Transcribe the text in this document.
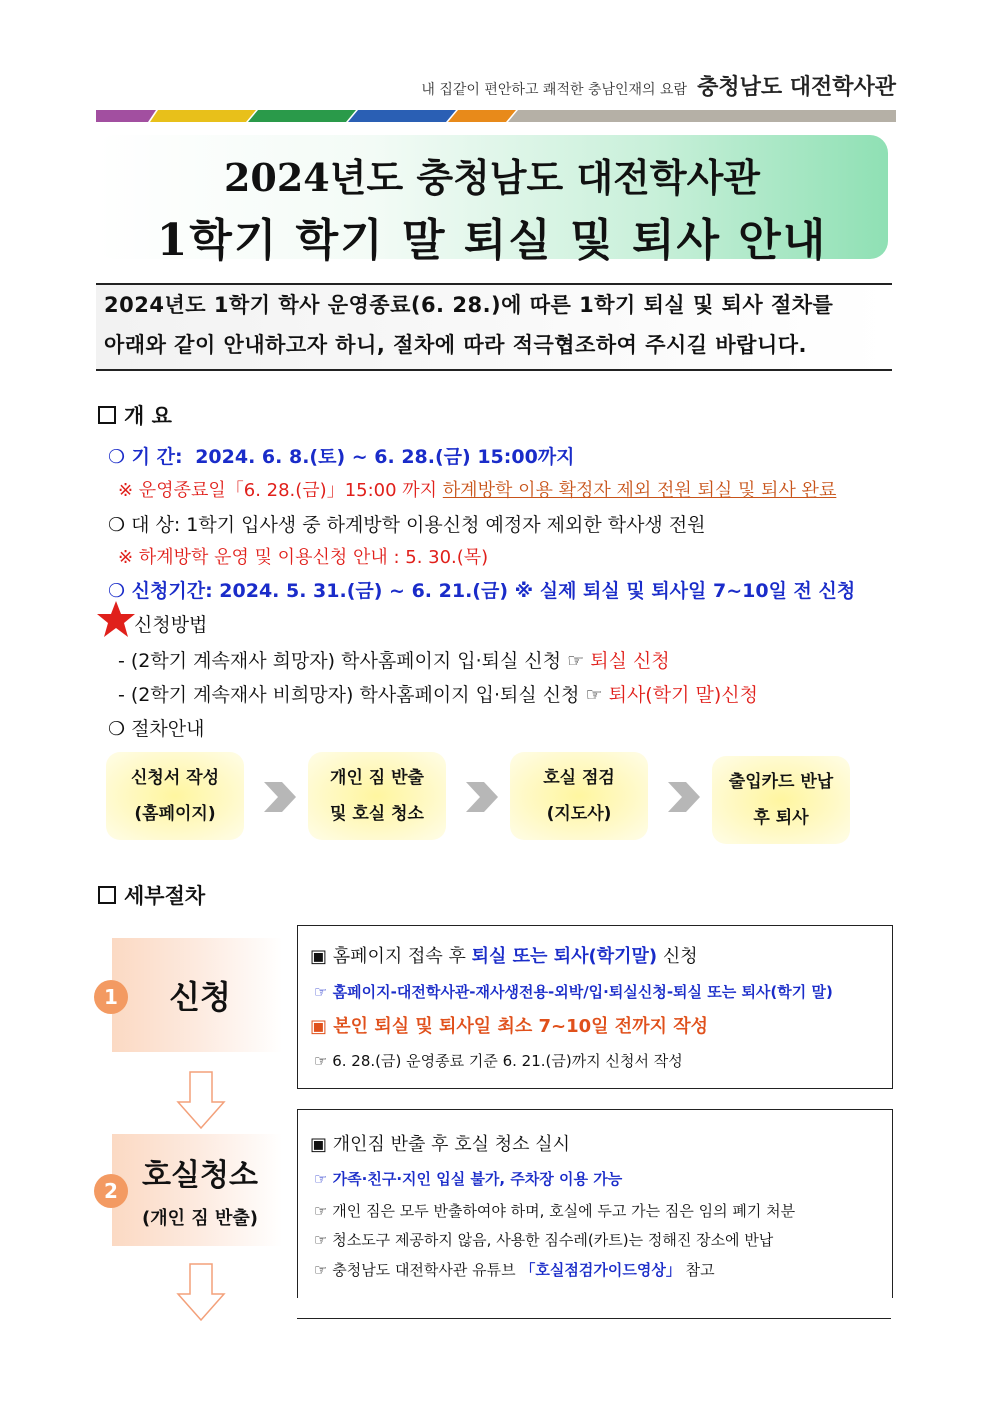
내 집같이 편안하고 쾌적한 충남인재의 요람 충청남도 대전학사관
2024년도 충청남도 대전학사관
1학기 학기 말 퇴실 및 퇴사 안내
2024년도 1학기 학사 운영종료(6. 28.)에 따른 1학기 퇴실 및 퇴사 절차를
아래와 같이 안내하고자 하니, 절차에 따라 적극협조하여 주시길 바랍니다.
개 요
❍ 기 간: 2024. 6. 8.(토) ~ 6. 28.(금) 15:00까지
※ 운영종료일「6. 28.(금)」15:00 까지 하계방학 이용 확정자 제외 전원 퇴실 및 퇴사 완료
❍ 대 상: 1학기 입사생 중 하계방학 이용신청 예정자 제외한 학사생 전원
※ 하계방학 운영 및 이용신청 안내 : 5. 30.(목)
❍ 신청기간: 2024. 5. 31.(금) ~ 6. 21.(금) ※ 실제 퇴실 및 퇴사일 7~10일 전 신청
신청방법
- (2학기 계속재사 희망자) 학사홈페이지 입·퇴실 신청 ☞ 퇴실 신청
- (2학기 계속재사 비희망자) 학사홈페이지 입·퇴실 신청 ☞ 퇴사(학기 말)신청
❍ 절차안내
신청서 작성
(홈페이지)
개인 짐 반출
및 호실 청소
호실 점검
(지도사)
출입카드 반납
후 퇴사
세부절차
1	신청
▣ 홈페이지 접속 후 퇴실 또는 퇴사(학기말) 신청
☞ 홈페이지-대전학사관-재사생전용-외박/입·퇴실신청-퇴실 또는 퇴사(학기 말)
▣ 본인 퇴실 및 퇴사일 최소 7~10일 전까지 작성
☞ 6. 28.(금) 운영종료 기준 6. 21.(금)까지 신청서 작성
2 호실청소
(개인 짐 반출)
▣ 개인짐 반출 후 호실 청소 실시
☞ 가족·친구·지인 입실 불가, 주차장 이용 가능
☞ 개인 짐은 모두 반출하여야 하며, 호실에 두고 가는 짐은 임의 폐기 처분
☞ 청소도구 제공하지 않음, 사용한 짐수레(카트)는 정해진 장소에 반납
☞ 충청남도 대전학사관 유튜브 「호실점검가이드영상」 참고
